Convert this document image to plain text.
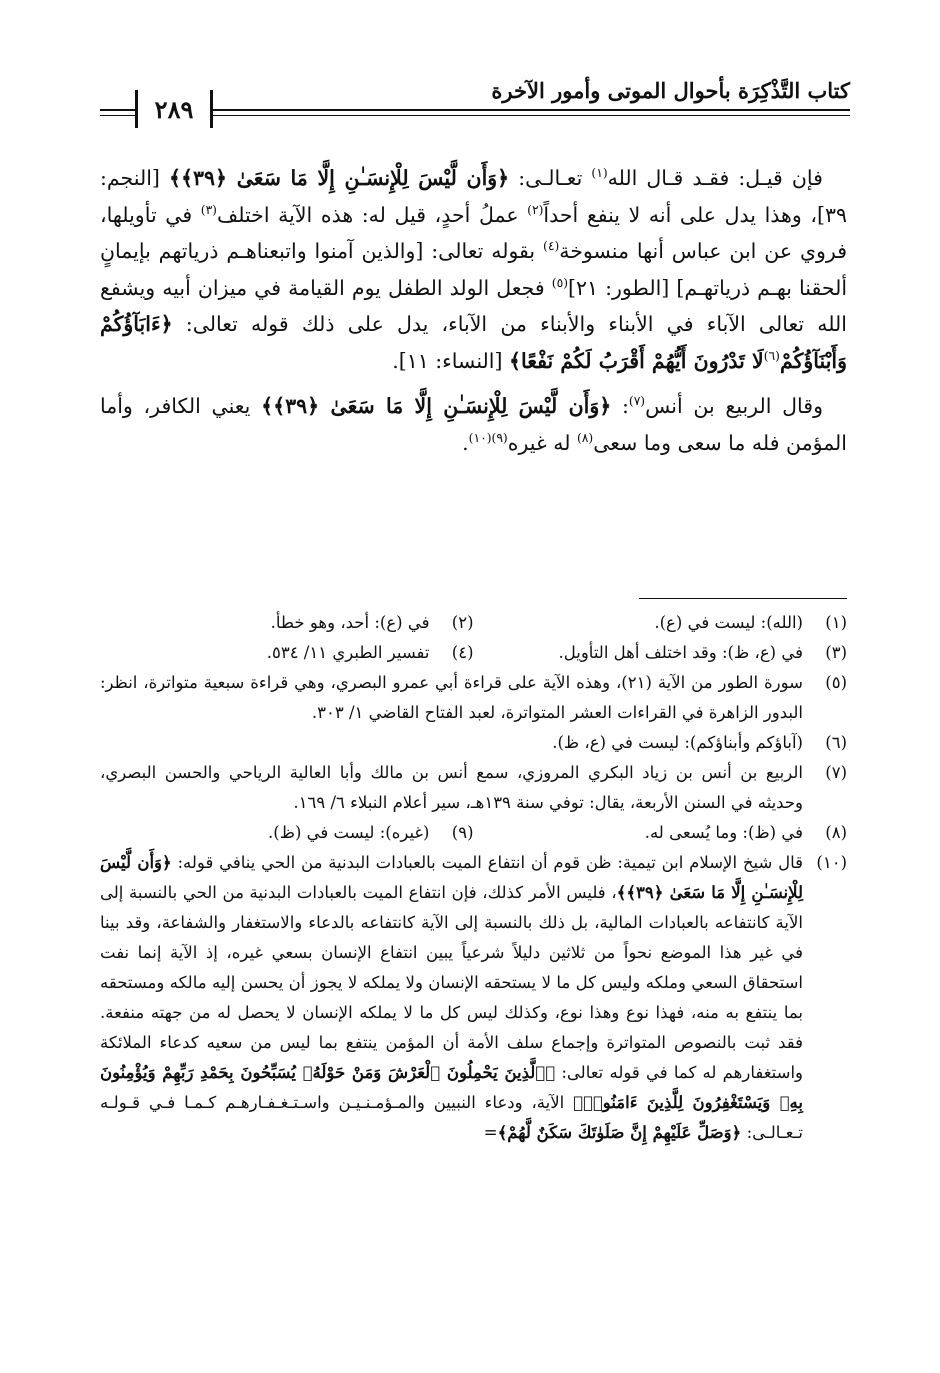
كتاب التَّذْكِرَة بأحوال الموتى وأمور الآخرة
٢٨٩

فإن قيـل: فقـد قـال الله$^{(١)}$ تعـالـى: ﴿وَأَن لَّيْسَ لِلْإِنسَـٰنِ إِلَّا مَا سَعَىٰ ﴿٣٩﴾﴾ [النجم: ٣٩]، وهذا يدل على أنه لا ينفع أحداً$^{(٢)}$ عملُ أحدٍ، قيل له: هذه الآية اختلف$^{(٣)}$ في تأويلها، فروي عن ابن عباس أنها منسوخة$^{(٤)}$ بقوله تعالى: [والذين آمنوا واتبعناهـم ذرياتهم بإيمانٍ ألحقنا بهـم ذرياتهـم] [الطور: ٢١]$^{(٥)}$ فجعل الولد الطفل يوم القيامة في ميزان أبيه ويشفع الله تعالى الآباء في الأبناء والأبناء من الآباء، يدل على ذلك قوله تعالى: ﴿ءَابَآؤُكُمْ وَأَبْنَآؤُكُمْ$^{(٦)}$لَا تَدْرُونَ أَيُّهُمْ أَقْرَبُ لَكُمْ نَفْعًا﴾ [النساء: ١١].

وقال الربيع بن أنس$^{(٧)}$: ﴿وَأَن لَّيْسَ لِلْإِنسَـٰنِ إِلَّا مَا سَعَىٰ ﴿٣٩﴾﴾ يعني الكافر، وأما المؤمن فله ما سعى وما سعى$^{(٨)}$ له غيره$^{(٩)(١٠)}$.

(١)
(الله): ليست في (ع).
(٢)
في (ع): أحد، وهو خطأ.
(٣)
في (ع، ظ): وقد اختلف أهل التأويل.
(٤)
تفسير الطبري ١١/ ٥٣٤.
(٥)
سورة الطور من الآية (٢١)، وهذه الآية على قراءة أبي عمرو البصري، وهي قراءة سبعية متواترة، انظر: البدور الزاهرة في القراءات العشر المتواترة، لعبد الفتاح القاضي ١/ ٣٠٣.
(٦)
(آباؤكم وأبناؤكم): ليست في (ع، ظ).
(٧)
الربيع بن أنس بن زياد البكري المروزي، سمع أنس بن مالك وأبا العالية الرياحي والحسن البصري، وحديثه في السنن الأربعة، يقال: توفي سنة ١٣٩هـ، سير أعلام النبلاء ٦/ ١٦٩.
(٨)
في (ظ): وما يُسعى له.
(٩)
(غيره): ليست في (ظ).
(١٠)
قال شيخ الإسلام ابن تيمية: ظن قوم أن انتفاع الميت بالعبادات البدنية من الحي ينافي قوله: ﴿وَأَن لَّيْسَ لِلْإِنسَـٰنِ إِلَّا مَا سَعَىٰ ﴿٣٩﴾﴾، فليس الأمر كذلك، فإن انتفاع الميت بالعبادات البدنية من الحي بالنسبة إلى الآية كانتفاعه بالعبادات المالية، بل ذلك بالنسبة إلى الآية كانتفاعه بالدعاء والاستغفار والشفاعة، وقد بينا في غير هذا الموضع نحواً من ثلاثين دليلاً شرعياً يبين انتفاع الإنسان بسعي غيره، إذ الآية إنما نفت استحقاق السعي وملكه وليس كل ما لا يستحقه الإنسان ولا يملكه لا يجوز أن يحسن إليه مالكه ومستحقه بما ينتفع به منه، فهذا نوع وهذا نوع، وكذلك ليس كل ما لا يملكه الإنسان لا يحصل له من جهته منفعة. فقد ثبت بالنصوص المتواترة وإجماع سلف الأمة أن المؤمن ينتفع بما ليس من سعيه كدعاء الملائكة واستغفارهم له كما في قوله تعالى: ﴿ٱلَّذِينَ يَحْمِلُونَ ٱلْعَرْشَ وَمَنْ حَوْلَهُۥ يُسَبِّحُونَ بِحَمْدِ رَبِّهِمْ وَيُؤْمِنُونَ بِهِۦ وَيَسْتَغْفِرُونَ لِلَّذِينَ ءَامَنُوا۟﴾ الآية، ودعاء النبيين والمـؤمـنـيـن واسـتـغـفـارهـم كـمـا فـي قـولـه تـعـالـى: ﴿وَصَلِّ عَلَيْهِمْ إِنَّ صَلَوٰتَكَ سَكَنٌ لَّهُمْ﴾=
